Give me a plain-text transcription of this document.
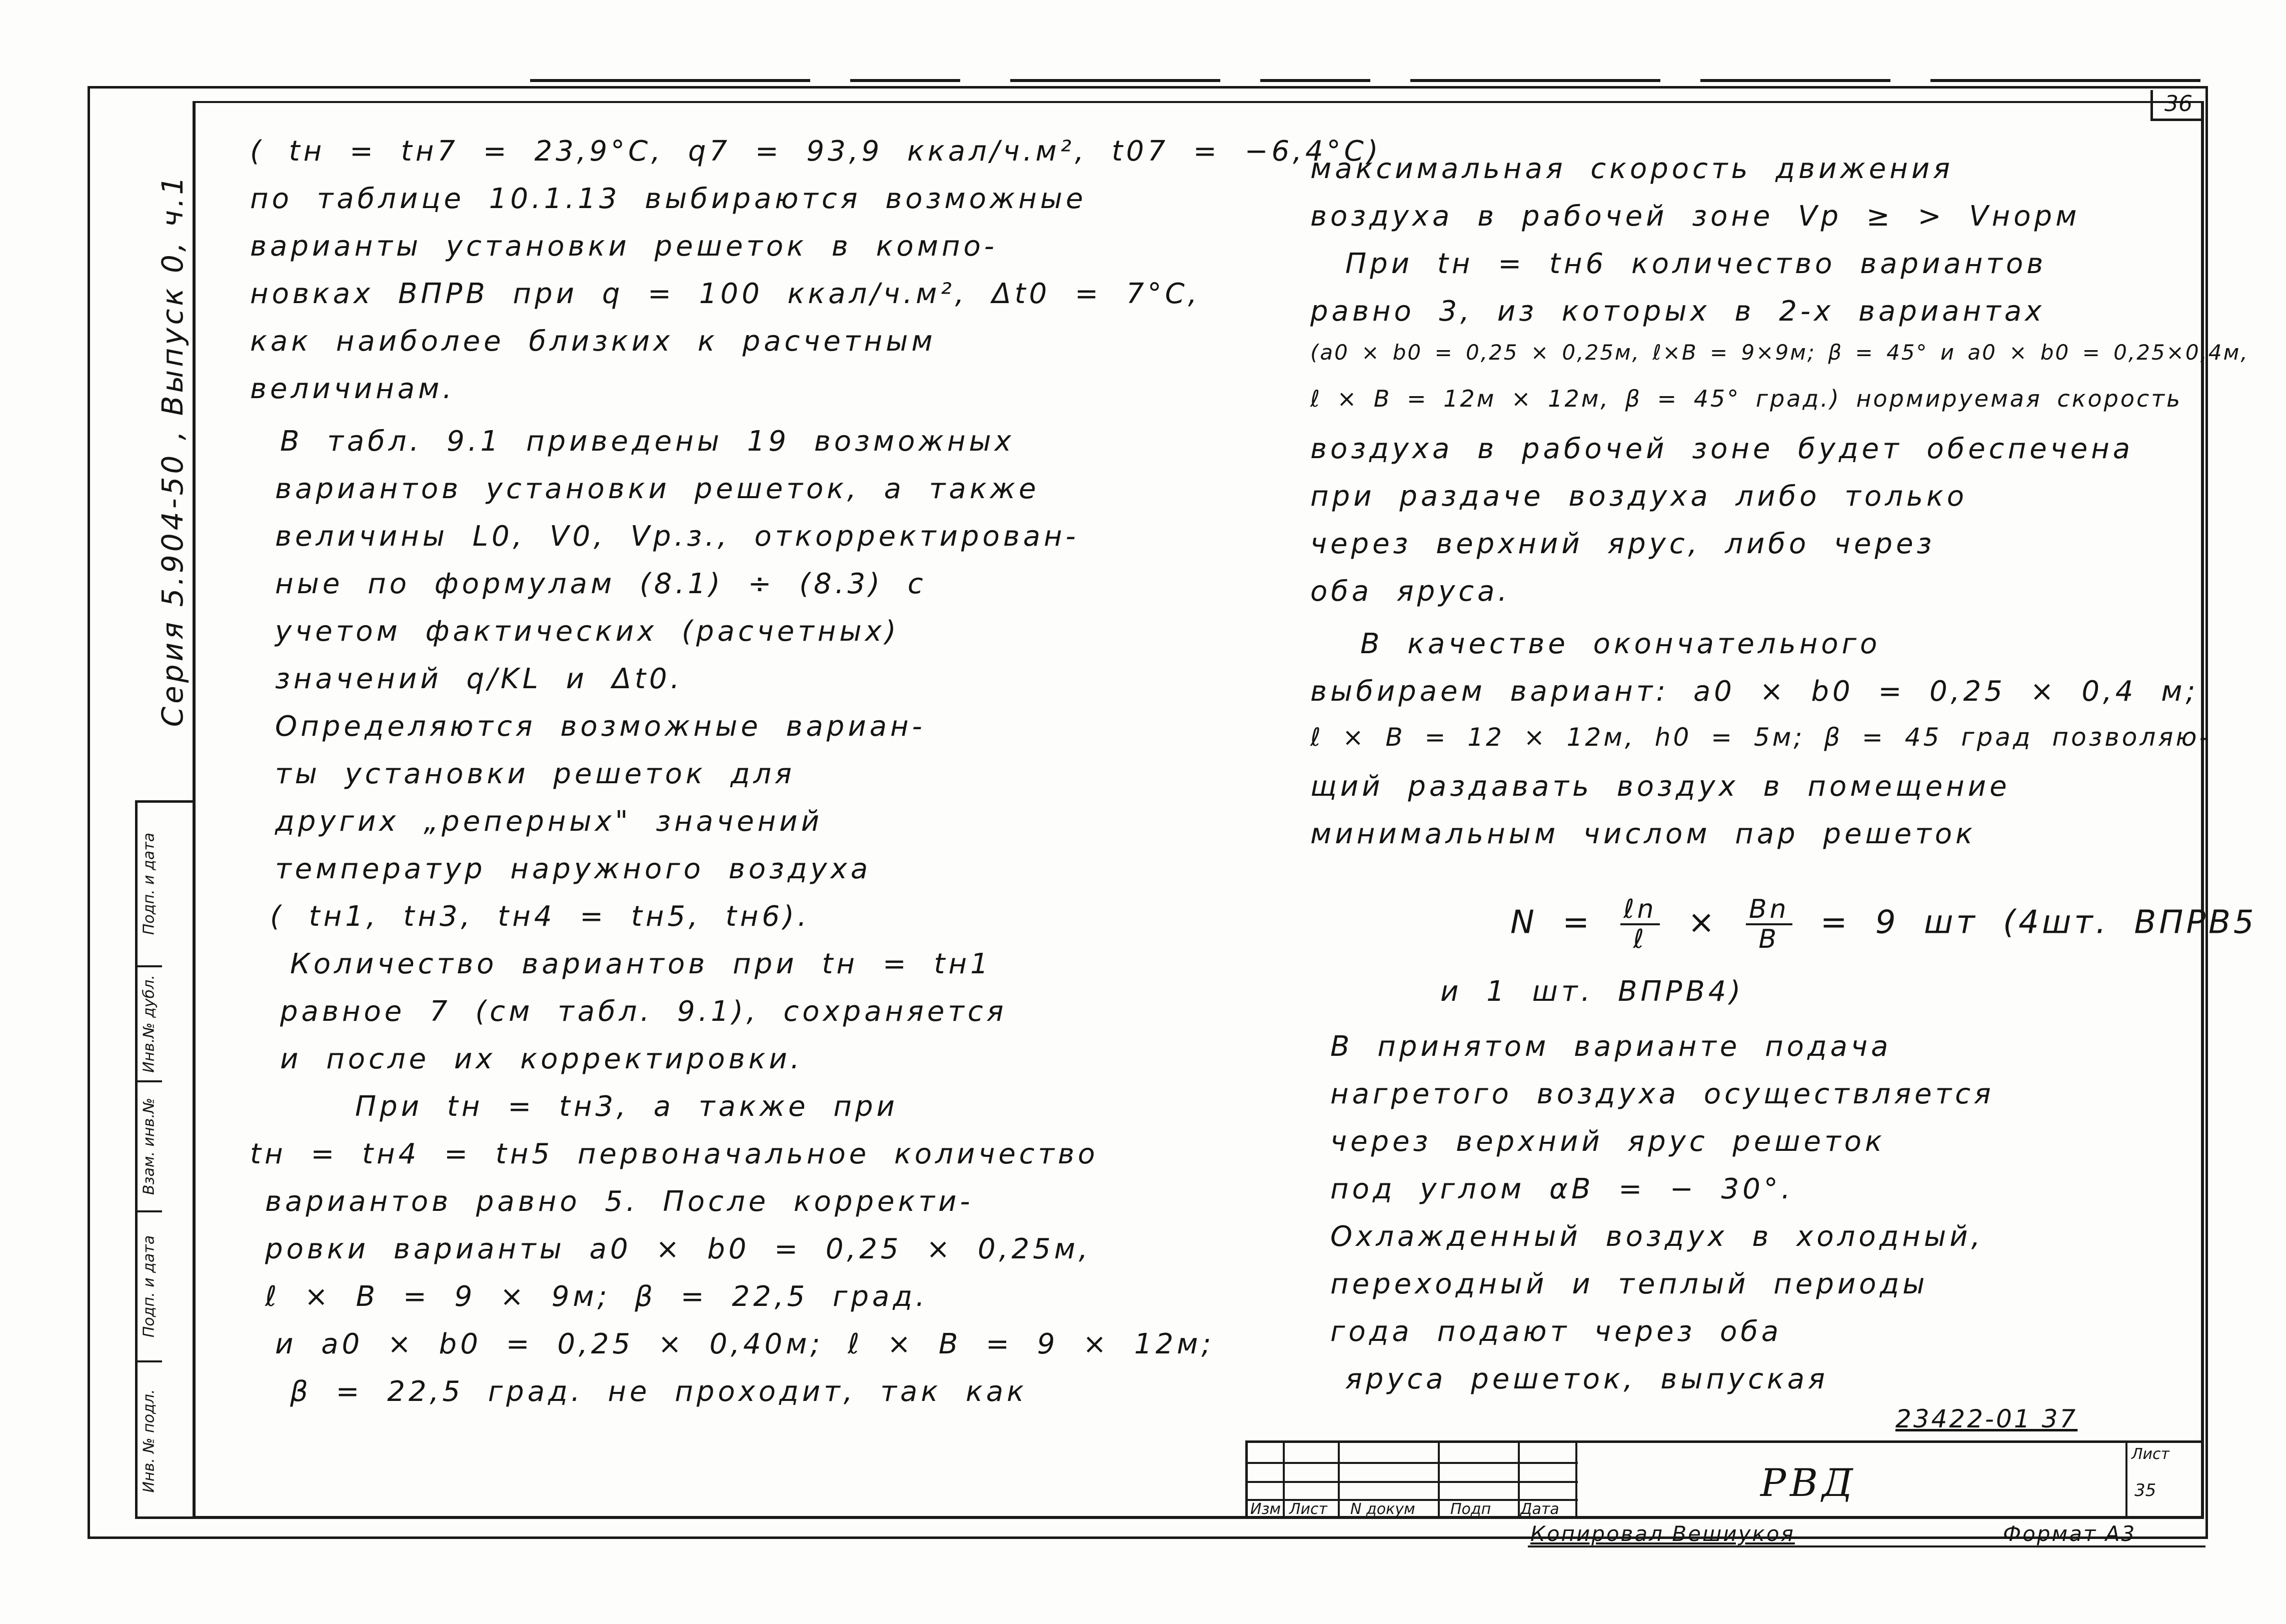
36
Серия 5.904-50 , Выпуск 0, ч.1
Подп. и дата
Инв.№ дубл.
Взам. инв.№
Подп. и дата
Инв. № подл.
( tн = tн7 = 23,9°С, q7 = 93,9 ккал/ч.м², t07 = −6,4°С)
по таблице 10.1.13 выбираются возможные
варианты установки решеток в компо-
новках ВПРВ при q = 100 ккал/ч.м², Δt0 = 7°С,
как наиболее близких к расчетным
величинам.
В табл. 9.1 приведены 19 возможных
вариантов установки решеток, а также
величины L0, V0, Vр.з., откорректирован-
ные по формулам (8.1) ÷ (8.3) с
учетом фактических (расчетных)
значений q/KL и Δt0.
Определяются возможные вариан-
ты установки решеток для
других „реперных" значений
температур наружного воздуха
( tн1, tн3, tн4 = tн5, tн6).
Количество вариантов при tн = tн1
равное 7 (см табл. 9.1), сохраняется
и после их корректировки.
При tн = tн3, а также при
tн = tн4 = tн5 первоначальное количество
вариантов равно 5. После корректи-
ровки варианты a0 × b0 = 0,25 × 0,25м,
ℓ × B = 9 × 9м; β = 22,5 град.
и a0 × b0 = 0,25 × 0,40м; ℓ × B = 9 × 12м;
β = 22,5 град. не проходит, так как
максимальная скорость движения
воздуха в рабочей зоне Vр ≥ > Vнорм
При tн = tн6 количество вариантов
равно 3, из которых в 2-х вариантах
(a0 × b0 = 0,25 × 0,25м, ℓ×B = 9×9м; β = 45° и a0 × b0 = 0,25×0,4м,
ℓ × B = 12м × 12м, β = 45° град.) нормируемая скорость
воздуха в рабочей зоне будет обеспечена
при раздаче воздуха либо только
через верхний ярус, либо через
оба яруса.
В качестве окончательного
выбираем вариант: a0 × b0 = 0,25 × 0,4 м;
ℓ × B = 12 × 12м, h0 = 5м; β = 45 град позволяю-
щий раздавать воздух в помещение
минимальным числом пар решеток
$N = \frac{\text{ℓn}}{\text{ℓ}} \times \frac{Bn}{B} = 9$ шт (4шт. ВПРВ5
и 1 шт. ВПРВ4)
В принятом варианте подача
нагретого воздуха осуществляется
через верхний ярус решеток
под углом αB = − 30°.
Охлажденный воздух в холодный,
переходный и теплый периоды
года подают через оба
яруса решеток, выпуская
23422-01 37
Изм Лист N докум Подп Дата
РВД
Лист
35
Копировал Вешиукоя	Формат А3
